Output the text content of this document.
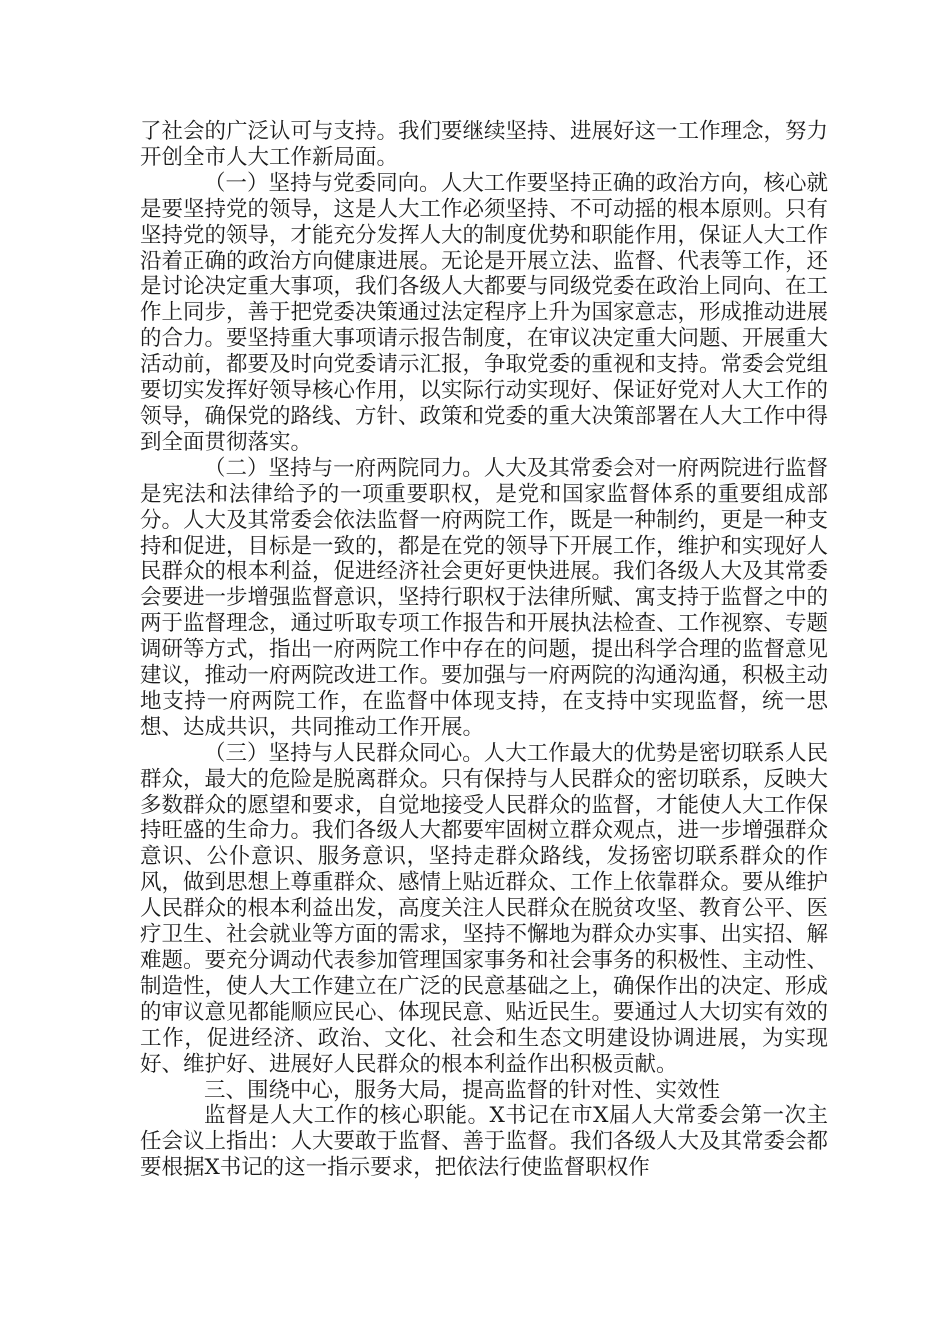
了社会的广泛认可与支持。我们要继续坚持、进展好这一工作理念，努力开创全市人大工作新局面。

（一）坚持与党委同向。人大工作要坚持正确的政治方向，核心就是要坚持党的领导，这是人大工作必须坚持、不可动摇的根本原则。只有坚持党的领导，才能充分发挥人大的制度优势和职能作用，保证人大工作沿着正确的政治方向健康进展。无论是开展立法、监督、代表等工作，还是讨论决定重大事项，我们各级人大都要与同级党委在政治上同向、在工作上同步，善于把党委决策通过法定程序上升为国家意志，形成推动进展的合力。要坚持重大事项请示报告制度，在审议决定重大问题、开展重大活动前，都要及时向党委请示汇报，争取党委的重视和支持。常委会党组要切实发挥好领导核心作用，以实际行动实现好、保证好党对人大工作的领导，确保党的路线、方针、政策和党委的重大决策部署在人大工作中得到全面贯彻落实。

（二）坚持与一府两院同力。人大及其常委会对一府两院进行监督是宪法和法律给予的一项重要职权，是党和国家监督体系的重要组成部分。人大及其常委会依法监督一府两院工作，既是一种制约，更是一种支持和促进，目标是一致的，都是在党的领导下开展工作，维护和实现好人民群众的根本利益，促进经济社会更好更快进展。我们各级人大及其常委会要进一步增强监督意识，坚持行职权于法律所赋、寓支持于监督之中的两于监督理念，通过听取专项工作报告和开展执法检查、工作视察、专题调研等方式，指出一府两院工作中存在的问题，提出科学合理的监督意见建议，推动一府两院改进工作。要加强与一府两院的沟通沟通，积极主动地支持一府两院工作，在监督中体现支持，在支持中实现监督，统一思想、达成共识，共同推动工作开展。

（三）坚持与人民群众同心。人大工作最大的优势是密切联系人民群众，最大的危险是脱离群众。只有保持与人民群众的密切联系，反映大多数群众的愿望和要求，自觉地接受人民群众的监督，才能使人大工作保持旺盛的生命力。我们各级人大都要牢固树立群众观点，进一步增强群众意识、公仆意识、服务意识，坚持走群众路线，发扬密切联系群众的作风，做到思想上尊重群众、感情上贴近群众、工作上依靠群众。要从维护人民群众的根本利益出发，高度关注人民群众在脱贫攻坚、教育公平、医疗卫生、社会就业等方面的需求，坚持不懈地为群众办实事、出实招、解难题。要充分调动代表参加管理国家事务和社会事务的积极性、主动性、制造性，使人大工作建立在广泛的民意基础之上，确保作出的决定、形成的审议意见都能顺应民心、体现民意、贴近民生。要通过人大切实有效的工作，促进经济、政治、文化、社会和生态文明建设协调进展，为实现好、维护好、进展好人民群众的根本利益作出积极贡献。

三、围绕中心，服务大局，提高监督的针对性、实效性

监督是人大工作的核心职能。X书记在市X届人大常委会第一次主任会议上指出：人大要敢于监督、善于监督。我们各级人大及其常委会都要根据X书记的这一指示要求，把依法行使监督职权作
